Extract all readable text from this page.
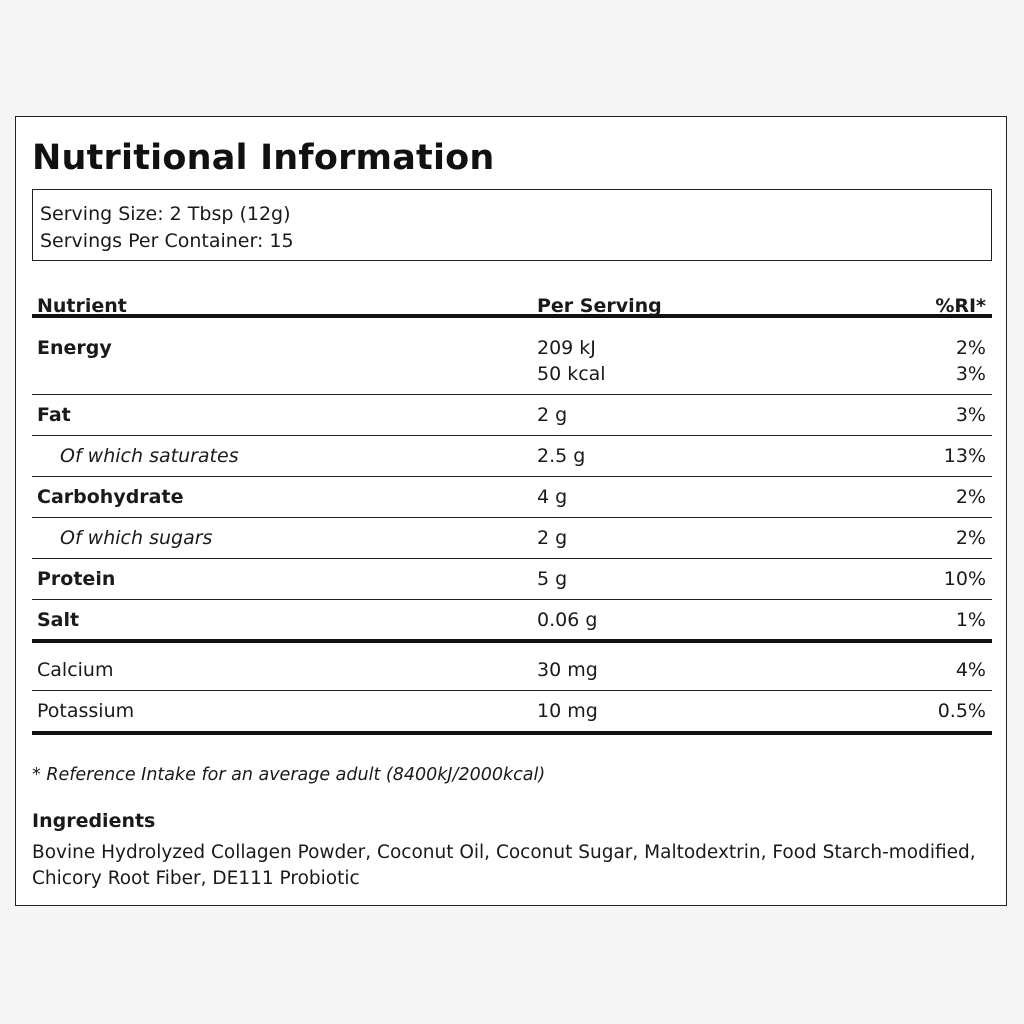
Nutritional Information
Serving Size: 2 Tbsp (12g)
Servings Per Container: 15
Nutrient	Per Serving	%RI*
Energy	209 kJ	2%
50 kcal	3%
Fat	2 g	3%
Of which saturates	2.5 g	13%
Carbohydrate	4 g	2%
Of which sugars	2 g	2%
Protein	5 g	10%
Salt	0.06 g	1%
Calcium	30 mg	4%
Potassium	10 mg	0.5%
* Reference Intake for an average adult (8400kJ/2000kcal)
Ingredients

Bovine Hydrolyzed Collagen Powder, Coconut Oil, Coconut Sugar, Maltodextrin, Food Starch-modified, Chicory Root Fiber, DE111 Probiotic
